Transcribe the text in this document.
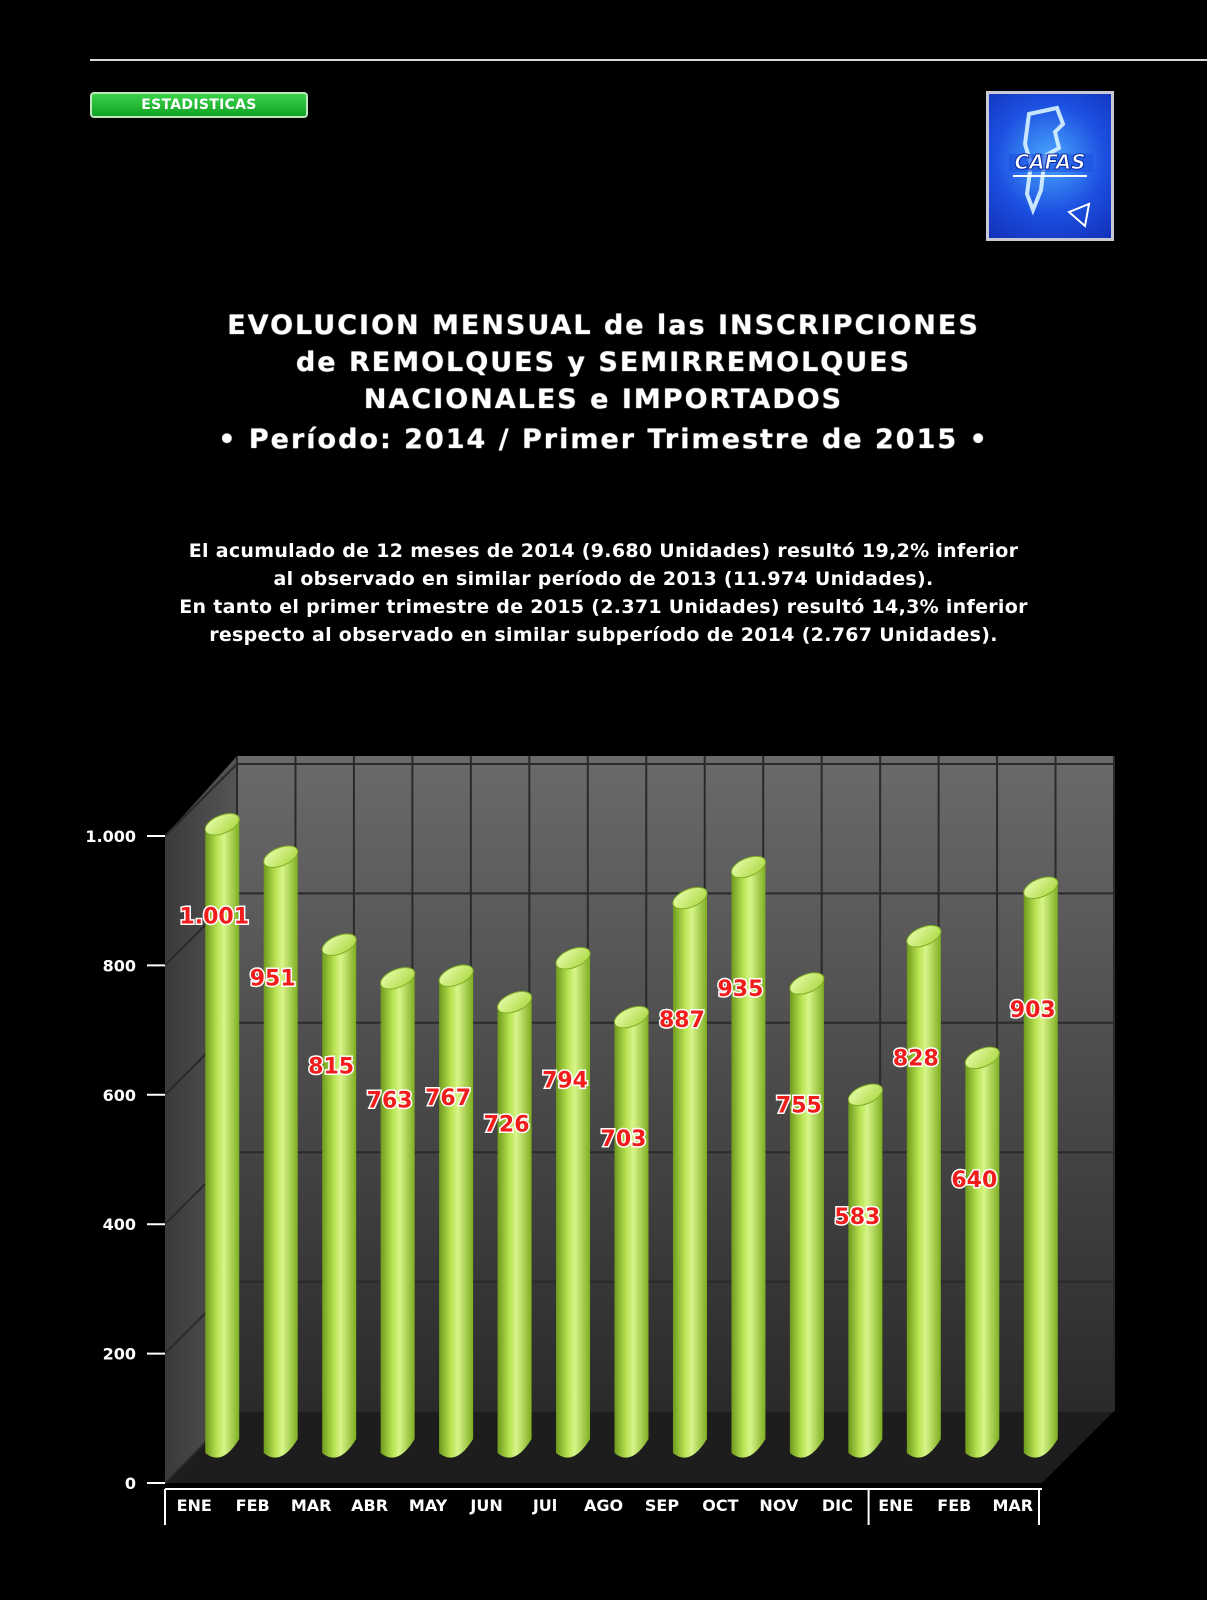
ESTADISTICAS
CAFAS
EVOLUCION MENSUAL de las INSCRIPCIONES
de REMOLQUES y SEMIRREMOLQUES
NACIONALES e IMPORTADOS
• Período: 2014 / Primer Trimestre de 2015 •
El acumulado de 12 meses de 2014 (9.680 Unidades) resultó 19,2% inferior
al observado en similar período de 2013 (11.974 Unidades).
En tanto el primer trimestre de 2015 (2.371 Unidades) resultó 14,3% inferior
respecto al observado en similar subperíodo de 2014 (2.767 Unidades).
1.001
951
815
763 767
726
794
703
887
935
755
583
828
640
903
0
200
400
600
800
1.000
ENE FEB MAR ABR MAY JUN JUl AGO SEP OCT NOV DIC ENE FEB MAR
